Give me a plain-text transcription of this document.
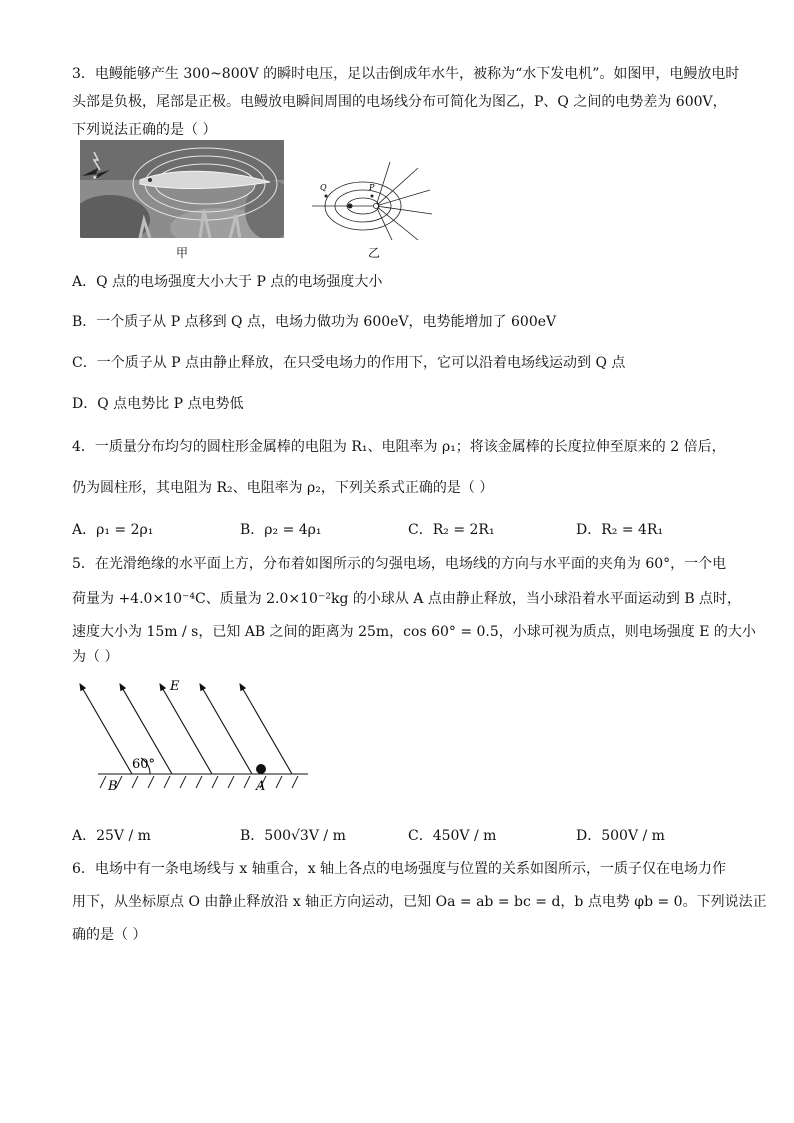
3．电鳗能够产生 300~800V 的瞬时电压，足以击倒成年水牛，被称为“水下发电机”。如图甲，电鳗放电时
头部是负极，尾部是正极。电鳗放电瞬间周围的电场线分布可简化为图乙，P、Q 之间的电势差为 600V，
下列说法正确的是（ ）
✶
甲
Q	P
乙
A．Q 点的电场强度大小大于 P 点的电场强度大小
B．一个质子从 P 点移到 Q 点，电场力做功为 600eV，电势能增加了 600eV
C．一个质子从 P 点由静止释放，在只受电场力的作用下，它可以沿着电场线运动到 Q 点
D．Q 点电势比 P 点电势低
4．一质量分布均匀的圆柱形金属棒的电阻为 R₁、电阻率为 ρ₁；将该金属棒的长度拉伸至原来的 2 倍后，
仍为圆柱形，其电阻为 R₂、电阻率为 ρ₂，下列关系式正确的是（ ）
A．ρ₁ = 2ρ₁	B．ρ₂ = 4ρ₁	C．R₂ = 2R₁	D．R₂ = 4R₁
5．在光滑绝缘的水平面上方，分布着如图所示的匀强电场，电场线的方向与水平面的夹角为 60°，一个电
荷量为 +4.0×10⁻⁴C、质量为 2.0×10⁻²kg 的小球从 A 点由静止释放，当小球沿着水平面运动到 B 点时，
速度大小为 15m / s，已知 AB 之间的距离为 25m，cos 60° = 0.5，小球可视为质点，则电场强度 E 的大小
为（ ）
E
60°
B	A
A．25V / m	B．500√3V / m	C．450V / m	D．500V / m
6．电场中有一条电场线与 x 轴重合，x 轴上各点的电场强度与位置的关系如图所示，一质子仅在电场力作
用下，从坐标原点 O 由静止释放沿 x 轴正方向运动，已知 Oa = ab = bc = d，b 点电势 φb = 0。下列说法正
确的是（ ）
